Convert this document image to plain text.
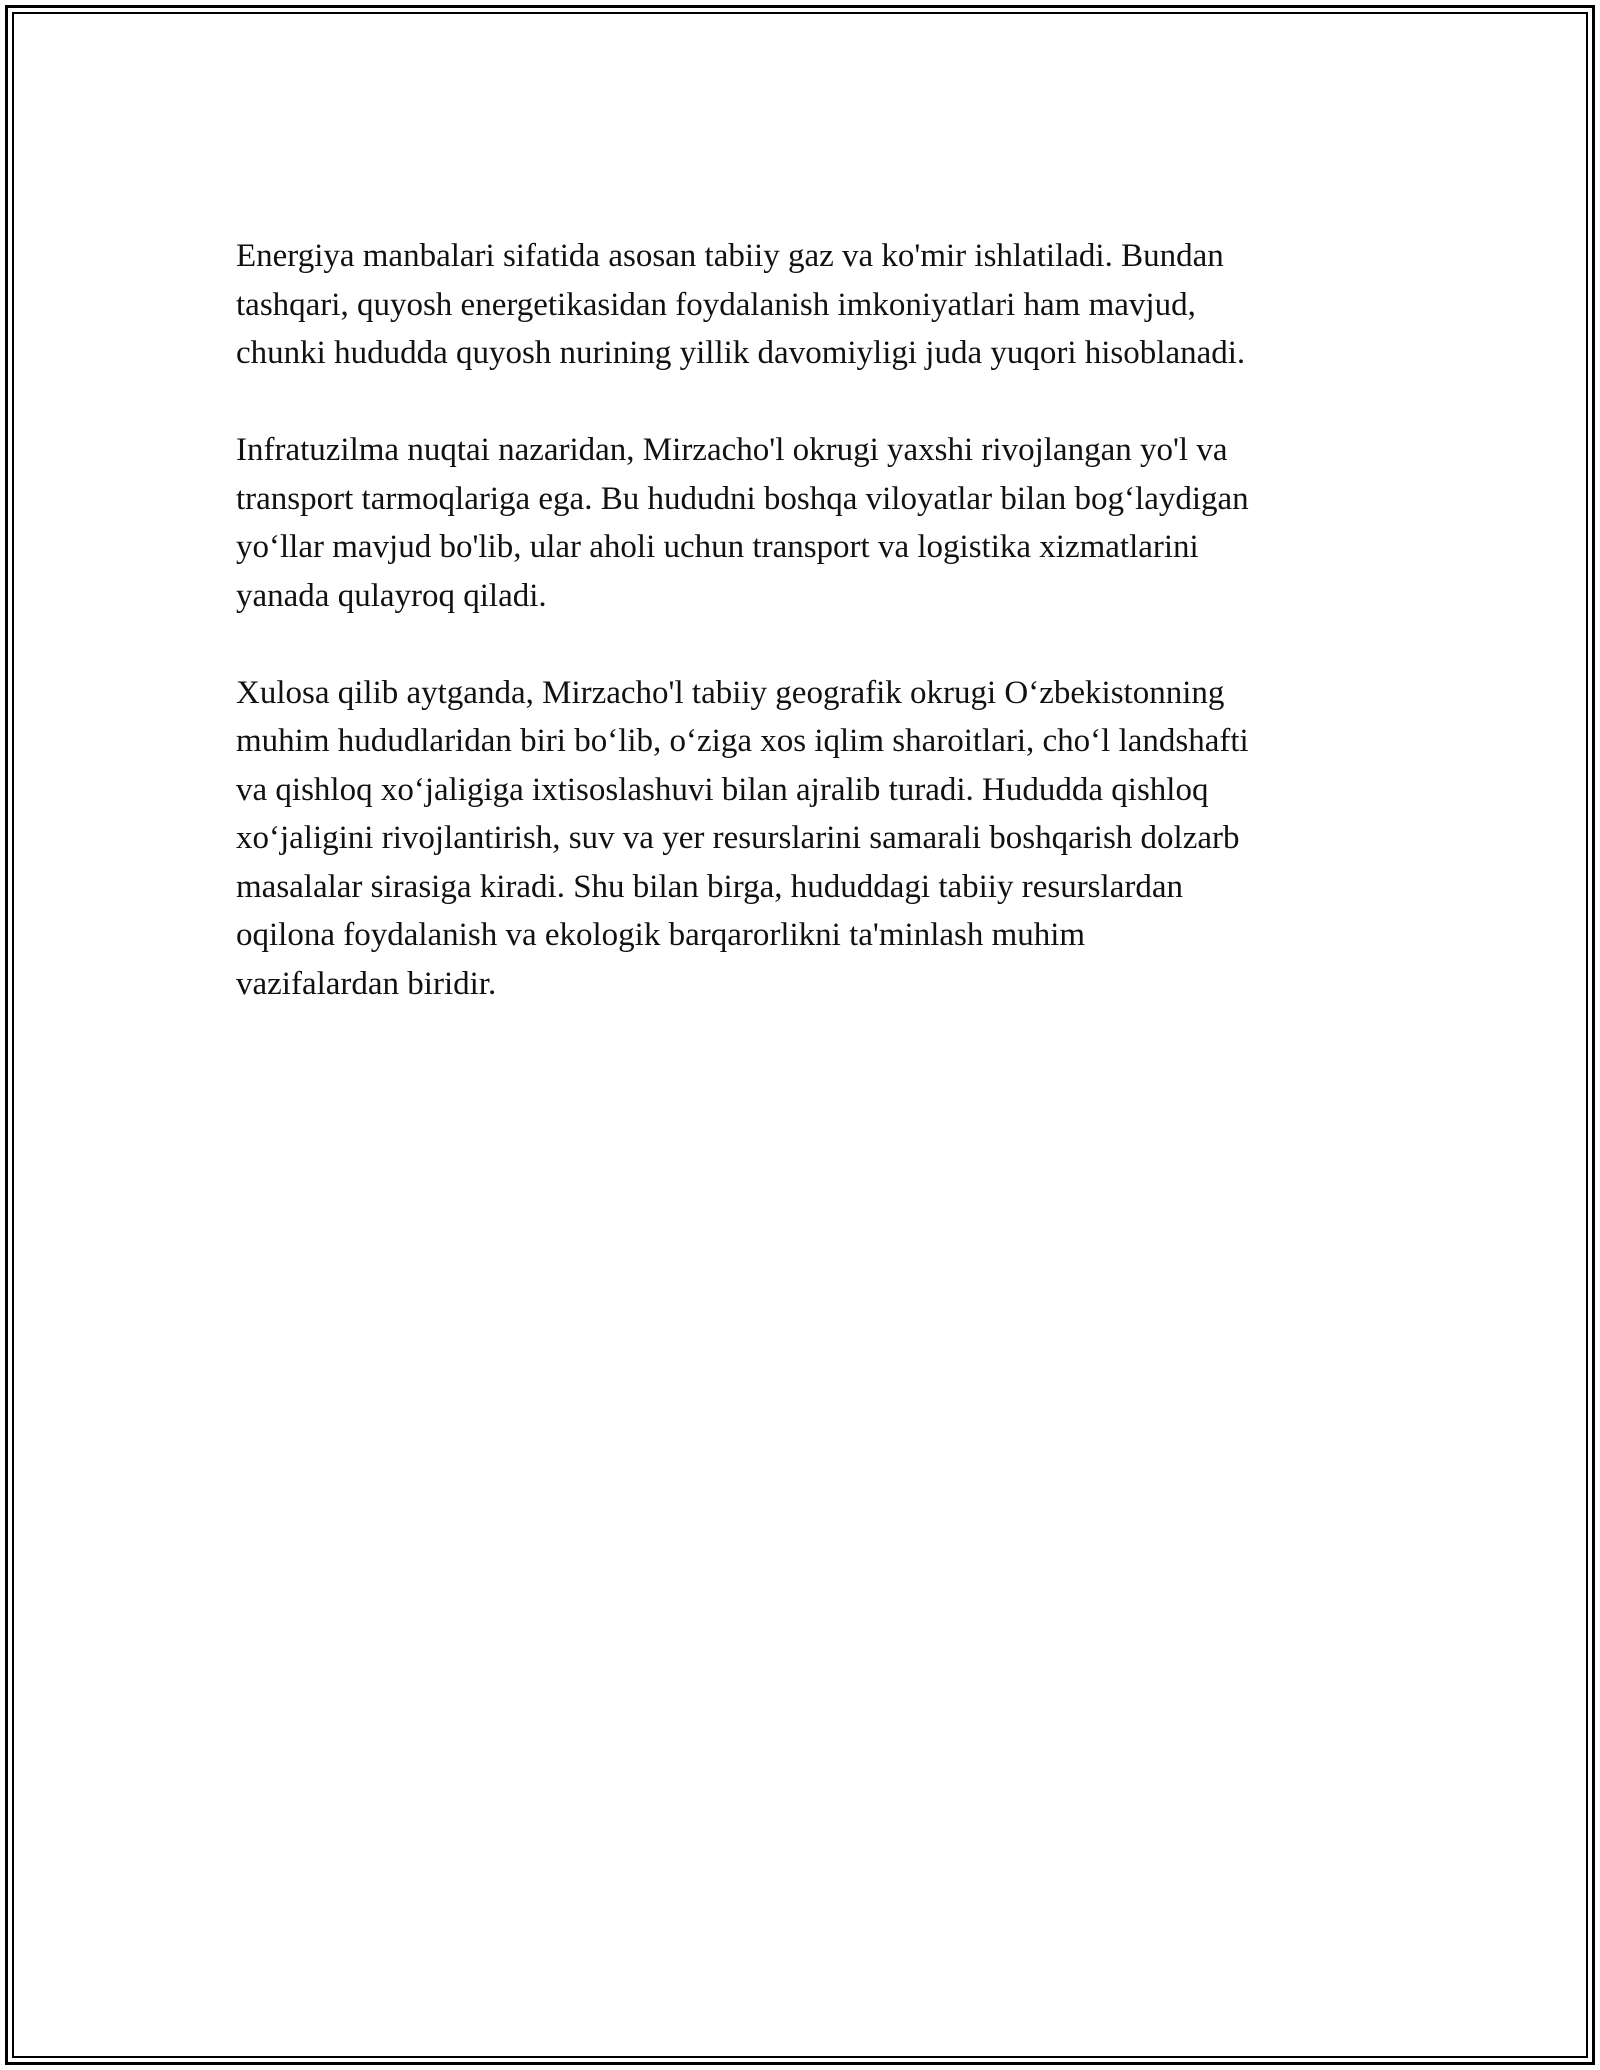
Energiya manbalari sifatida asosan tabiiy gaz va ko'mir ishlatiladi. Bundan
tashqari, quyosh energetikasidan foydalanish imkoniyatlari ham mavjud,
chunki hududda quyosh nurining yillik davomiyligi juda yuqori hisoblanadi.

Infratuzilma nuqtai nazaridan, Mirzacho'l okrugi yaxshi rivojlangan yo'l va
transport tarmoqlariga ega. Bu hududni boshqa viloyatlar bilan bog‘laydigan
yo‘llar mavjud bo'lib, ular aholi uchun transport va logistika xizmatlarini
yanada qulayroq qiladi.

Xulosa qilib aytganda, Mirzacho'l tabiiy geografik okrugi O‘zbekistonning
muhim hududlaridan biri bo‘lib, o‘ziga xos iqlim sharoitlari, cho‘l landshafti
va qishloq xo‘jaligiga ixtisoslashuvi bilan ajralib turadi. Hududda qishloq
xo‘jaligini rivojlantirish, suv va yer resurslarini samarali boshqarish dolzarb
masalalar sirasiga kiradi. Shu bilan birga, hududdagi tabiiy resurslardan
oqilona foydalanish va ekologik barqarorlikni ta'minlash muhim
vazifalardan biridir.
